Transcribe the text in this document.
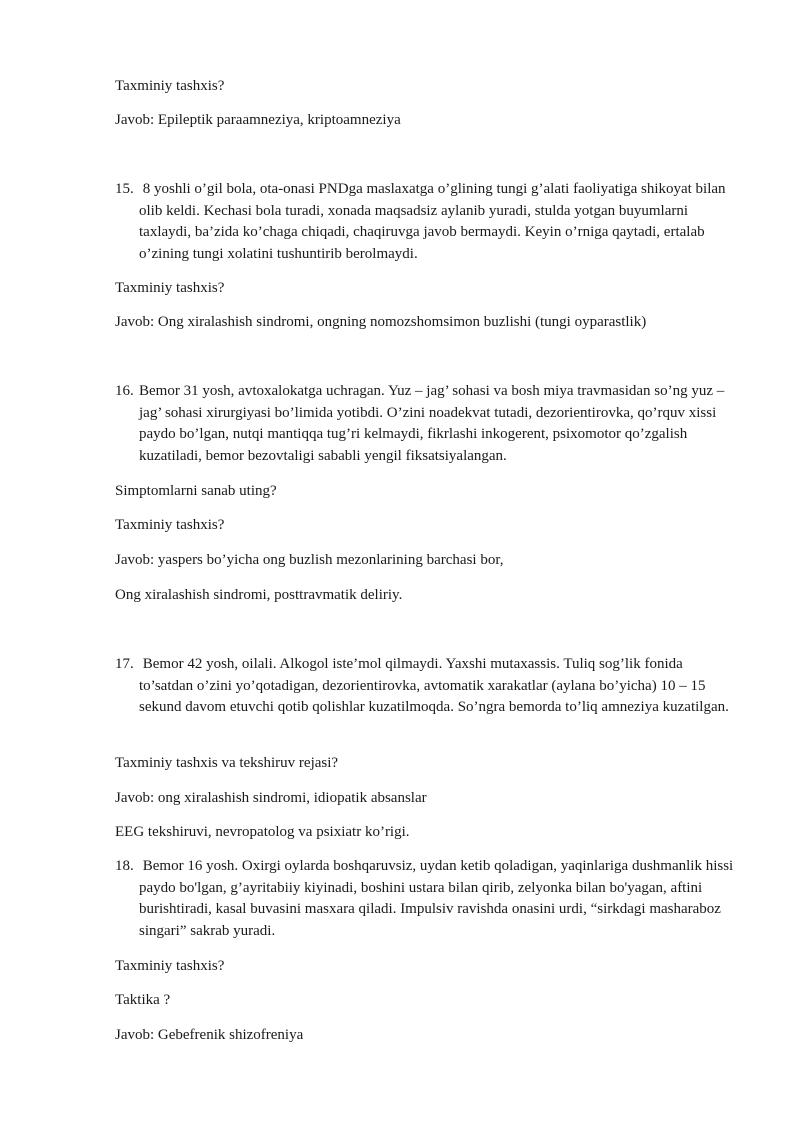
Taxminiy tashxis?
Javob: Epileptik paraamneziya, kriptoamneziya
15. 8 yoshli o’gil bola, ota-onasi PNDga maslaxatga o’glining tungi g’alati faoliyatiga shikoyat bilan olib keldi. Kechasi bola turadi, xonada maqsadsiz aylanib yuradi, stulda yotgan buyumlarni taxlaydi, ba’zida ko’chaga chiqadi, chaqiruvga javob bermaydi. Keyin o’rniga qaytadi, ertalab o’zining tungi xolatini tushuntirib berolmaydi.
Taxminiy tashxis?
Javob: Ong xiralashish sindromi, ongning nomozshomsimon buzlishi (tungi oyparastlik)
16. Bemor 31 yosh, avtoxalokatga uchragan. Yuz – jag’ sohasi va bosh miya travmasidan so’ng yuz – jag’ sohasi xirurgiyasi bo’limida yotibdi. O’zini noadekvat tutadi, dezorientirovka, qo’rquv xissi paydo bo’lgan, nutqi mantiqqa tug’ri kelmaydi, fikrlashi inkogerent, psixomotor qo’zgalish kuzatiladi, bemor bezovtaligi sababli yengil fiksatsiyalangan.
Simptomlarni sanab uting?
Taxminiy tashxis?
Javob: yaspers bo’yicha ong buzlish mezonlarining barchasi bor,
Ong xiralashish sindromi, posttravmatik deliriy.
17. Bemor 42 yosh, oilali. Alkogol iste’mol qilmaydi. Yaxshi mutaxassis. Tuliq sog’lik fonida to’satdan o’zini yo’qotadigan, dezorientirovka, avtomatik xarakatlar (aylana bo’yicha) 10 – 15 sekund davom etuvchi qotib qolishlar kuzatilmoqda. So’ngra bemorda to’liq amneziya kuzatilgan.
Taxminiy tashxis va tekshiruv rejasi?
Javob: ong xiralashish sindromi, idiopatik absanslar
EEG tekshiruvi, nevropatolog va psixiatr ko’rigi.
18. Bemor 16 yosh. Oxirgi oylarda boshqaruvsiz, uydan ketib qoladigan, yaqinlariga dushmanlik hissi paydo bo'lgan, g’ayritabiiy kiyinadi, boshini ustara bilan qirib, zelyonka bilan bo'yagan, aftini burishtiradi, kasal buvasini masxara qiladi. Impulsiv ravishda onasini urdi, “sirkdagi masharaboz singari” sakrab yuradi.
Taxminiy tashxis?
Taktika ?
Javob: Gebefrenik shizofreniya
